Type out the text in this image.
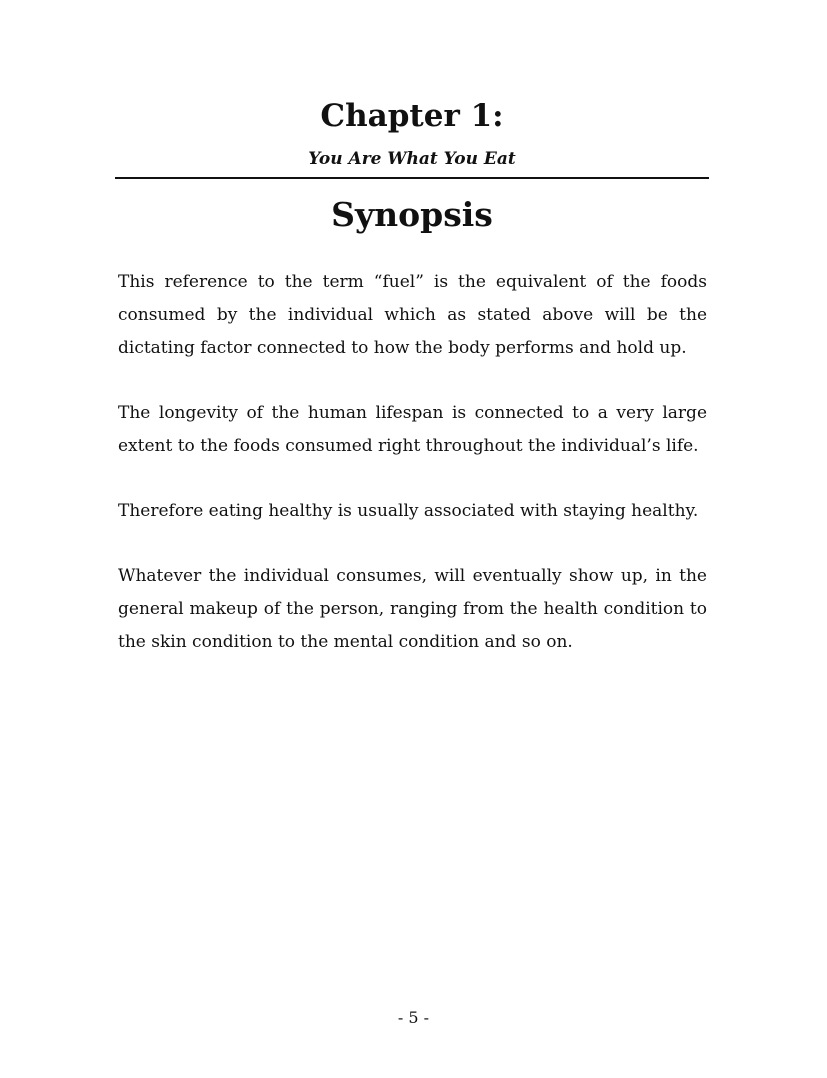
Chapter 1:
You Are What You Eat
Synopsis

This reference to the term “fuel” is the equivalent of the foods consumed by the individual which as stated above will be the dictating factor connected to how the body performs and hold up.

The longevity of the human lifespan is connected to a very large extent to the foods consumed right throughout the individual’s life.

Therefore eating healthy is usually associated with staying healthy.

Whatever the individual consumes, will eventually show up, in the general makeup of the person, ranging from the health condition to the skin condition to the mental condition and so on.

- 5 -
